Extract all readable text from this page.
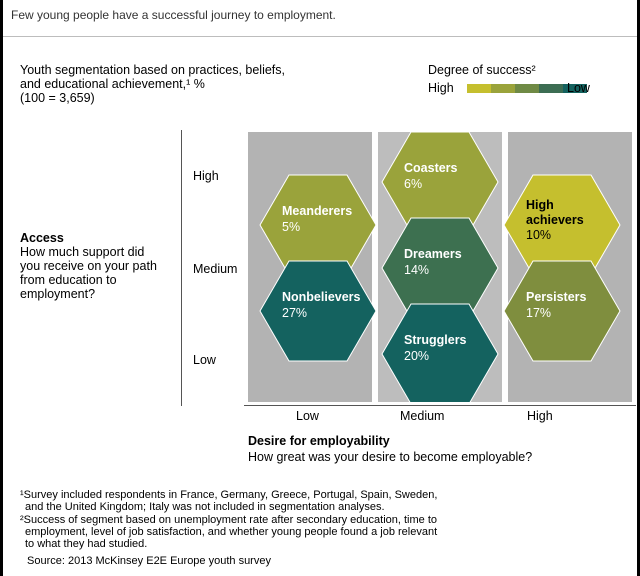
Few young people have a successful journey to employment.
Youth segmentation based on practices, beliefs,
and educational achievement,¹ %
(100 = 3,659)
Degree of success²
High	Low
Access
How much support did you receive on your path from education to employment?
High
Medium
Low
Coasters
6%
Meanderers
5%
High achievers
10%
Dreamers
14%
Nonbelievers
27%
Persisters
17%
Strugglers
20%
Low	Medium	High
Desire for employability
How great was your desire to become employable?
¹Survey included respondents in France, Germany, Greece, Portugal, Spain, Sweden,
and the United Kingdom; Italy was not included in segmentation analyses.
²Success of segment based on unemployment rate after secondary education, time to
employment, level of job satisfaction, and whether young people found a job relevant
to what they had studied.
Source: 2013 McKinsey E2E Europe youth survey
